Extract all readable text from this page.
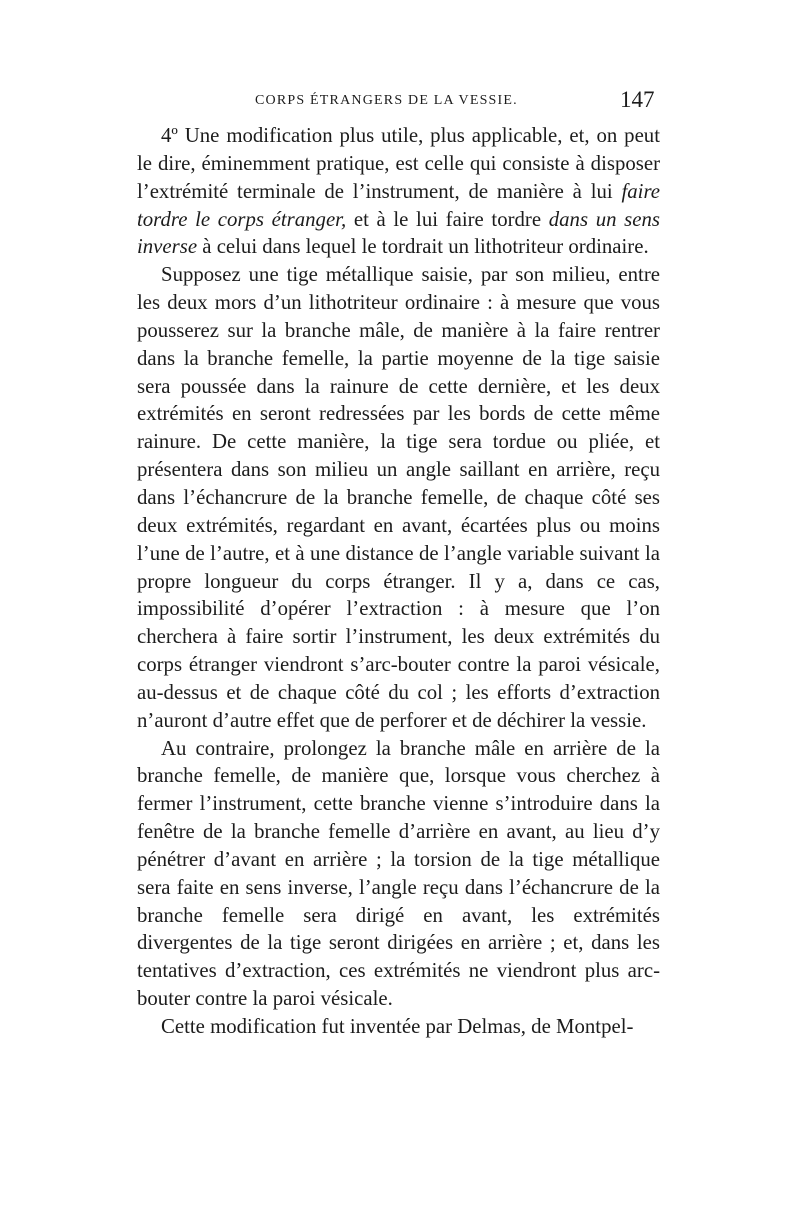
CORPS ÉTRANGERS DE LA VESSIE.	147

4º Une modification plus utile, plus applicable, et, on peut le dire, éminemment pratique, est celle qui consiste à disposer l’extrémité terminale de l’instrument, de manière à lui faire tordre le corps étranger, et à le lui faire tordre dans un sens inverse à celui dans lequel le tordrait un lithotriteur ordinaire.

Supposez une tige métallique saisie, par son milieu, entre les deux mors d’un lithotriteur ordinaire : à mesure que vous pousserez sur la branche mâle, de manière à la faire rentrer dans la branche femelle, la partie moyenne de la tige saisie sera poussée dans la rainure de cette dernière, et les deux extrémités en seront redressées par les bords de cette même rainure. De cette manière, la tige sera tordue ou pliée, et présentera dans son milieu un angle saillant en arrière, reçu dans l’échancrure de la branche femelle, de chaque côté ses deux extrémités, regardant en avant, écartées plus ou moins l’une de l’autre, et à une distance de l’angle variable suivant la propre longueur du corps étranger. Il y a, dans ce cas, impossibilité d’opérer l’extraction : à mesure que l’on cherchera à faire sortir l’instrument, les deux extrémités du corps étranger viendront s’arc-bouter contre la paroi vésicale, au-dessus et de chaque côté du col ; les efforts d’extraction n’auront d’autre effet que de perforer et de déchirer la vessie.

Au contraire, prolongez la branche mâle en arrière de la branche femelle, de manière que, lorsque vous cherchez à fermer l’instrument, cette branche vienne s’introduire dans la fenêtre de la branche femelle d’arrière en avant, au lieu d’y pénétrer d’avant en arrière ; la torsion de la tige métallique sera faite en sens inverse, l’angle reçu dans l’échancrure de la branche femelle sera dirigé en avant, les extrémités divergentes de la tige seront dirigées en arrière ; et, dans les tentatives d’extraction, ces extrémités ne viendront plus arc-bouter contre la paroi vésicale.

Cette modification fut inventée par Delmas, de Montpel-
